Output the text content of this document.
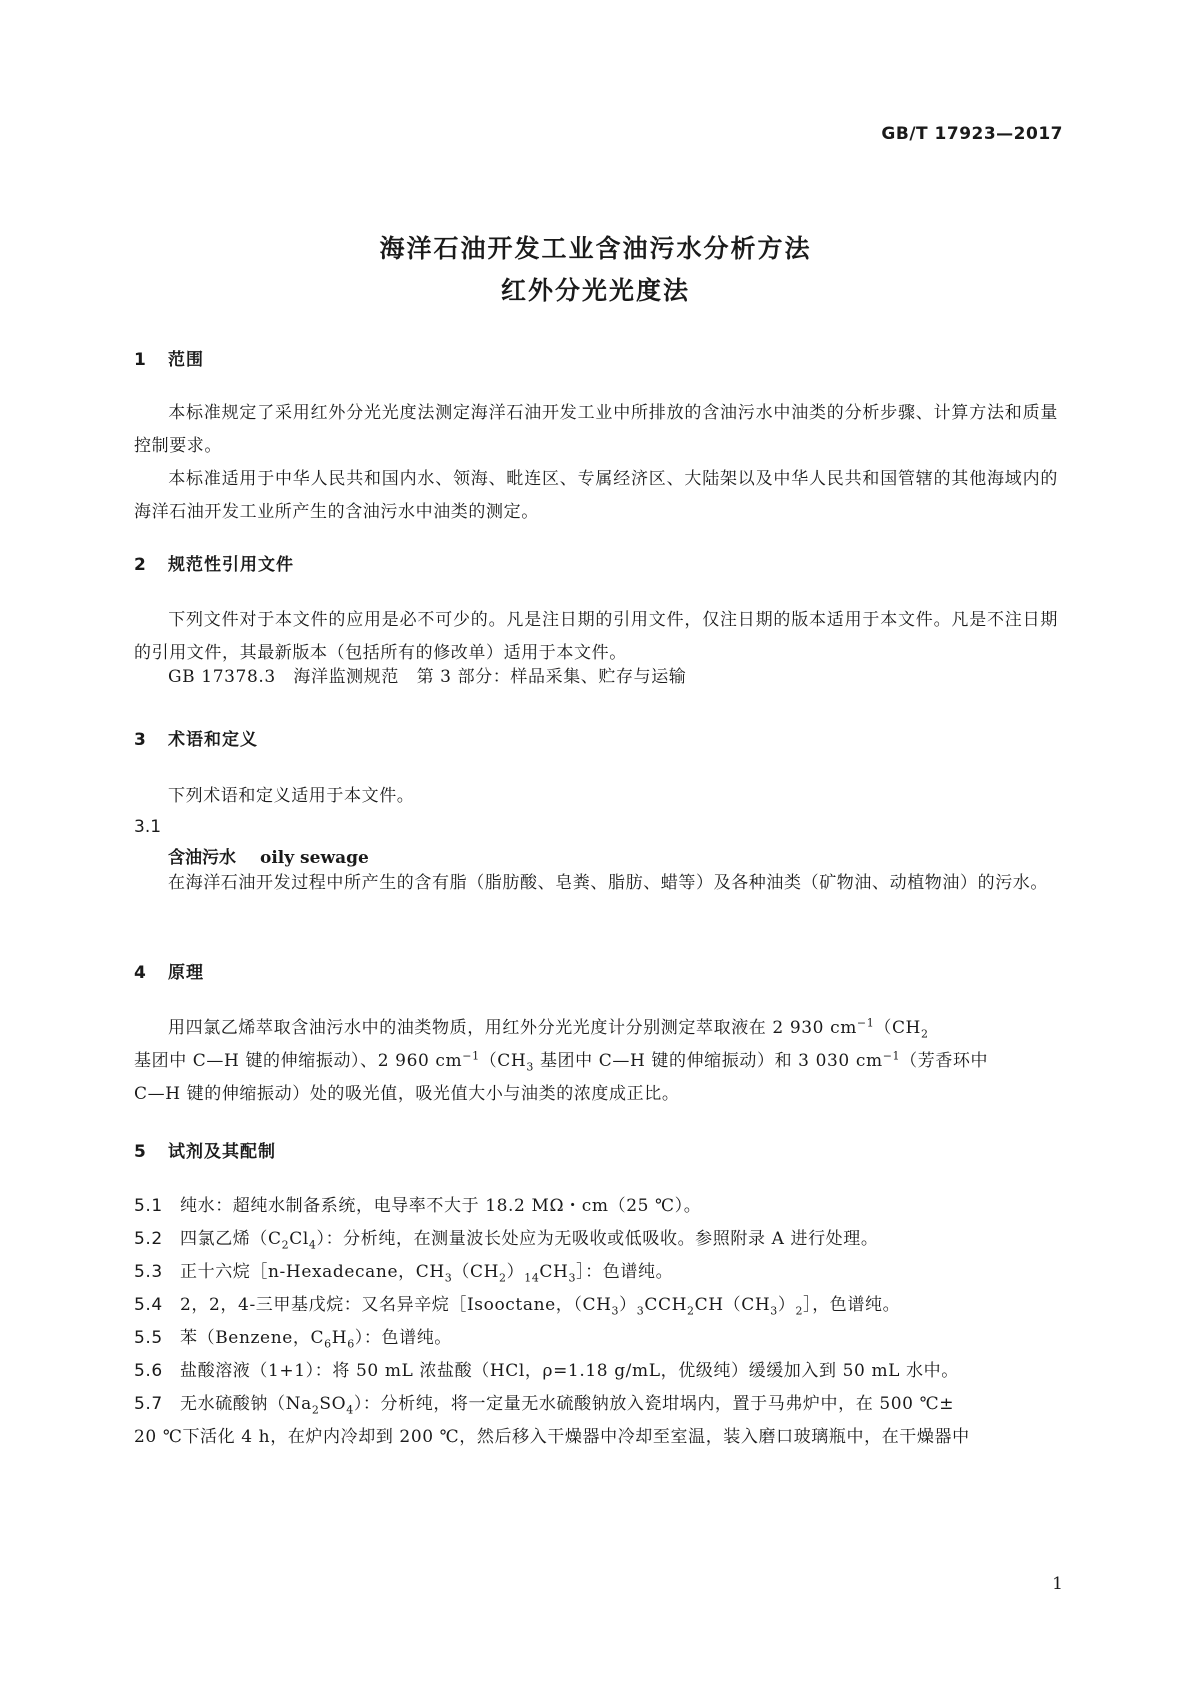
GB/T 17923—2017
海洋石油开发工业含油污水分析方法
红外分光光度法
1 范围
本标准规定了采用红外分光光度法测定海洋石油开发工业中所排放的含油污水中油类的分析步骤、计算方法和质量控制要求。
本标准适用于中华人民共和国内水、领海、毗连区、专属经济区、大陆架以及中华人民共和国管辖的其他海域内的海洋石油开发工业所产生的含油污水中油类的测定。
2 规范性引用文件
下列文件对于本文件的应用是必不可少的。凡是注日期的引用文件，仅注日期的版本适用于本文件。凡是不注日期的引用文件，其最新版本（包括所有的修改单）适用于本文件。
GB 17378.3　海洋监测规范　第 3 部分：样品采集、贮存与运输
3 术语和定义
下列术语和定义适用于本文件。
3.1
含油污水 oily sewage
在海洋石油开发过程中所产生的含有脂（脂肪酸、皂粪、脂肪、蜡等）及各种油类（矿物油、动植物油）的污水。
4 原理
用四氯乙烯萃取含油污水中的油类物质，用红外分光光度计分别测定萃取液在 2 930 $cm^{-1}(CH_2$
基团中 C—H 键的伸缩振动）、2 960 $cm^{-1}(CH_3$ 基团中 C—H 键的伸缩振动）和 3 030 $cm^{-1}$（芳香环中
C—H 键的伸缩振动）处的吸光值，吸光值大小与油类的浓度成正比。
5 试剂及其配制
5.1 纯水：超纯水制备系统，电导率不大于 18.2 MΩ・cm（25 ℃）。
5.2 四氯乙烯$(C_2Cl_4)$：分析纯，在测量波长处应为无吸收或低吸收。参照附录 A 进行处理。
5.3 正十六烷［n-Hexadecane，$CH_3(CH_2)_{14}CH_3]$：色谱纯。
5.4 2，2，4-三甲基戊烷：又名异辛烷［Isooctane，$(CH_3)_3CCH_2CH(CH_3)_2]$，色谱纯。
5.5 苯（Benzene，$C_6H_6$）：色谱纯。
5.6 盐酸溶液（1+1）：将 50 mL 浓盐酸（HCl，ρ=1.18 g/mL，优级纯）缓缓加入到 50 mL 水中。
5.7 无水硫酸钠$(Na_2SO_4)$：分析纯，将一定量无水硫酸钠放入瓷坩埚内，置于马弗炉中，在 500 ℃±
20 ℃下活化 4 h，在炉内冷却到 200 ℃，然后移入干燥器中冷却至室温，装入磨口玻璃瓶中，在干燥器中
1
